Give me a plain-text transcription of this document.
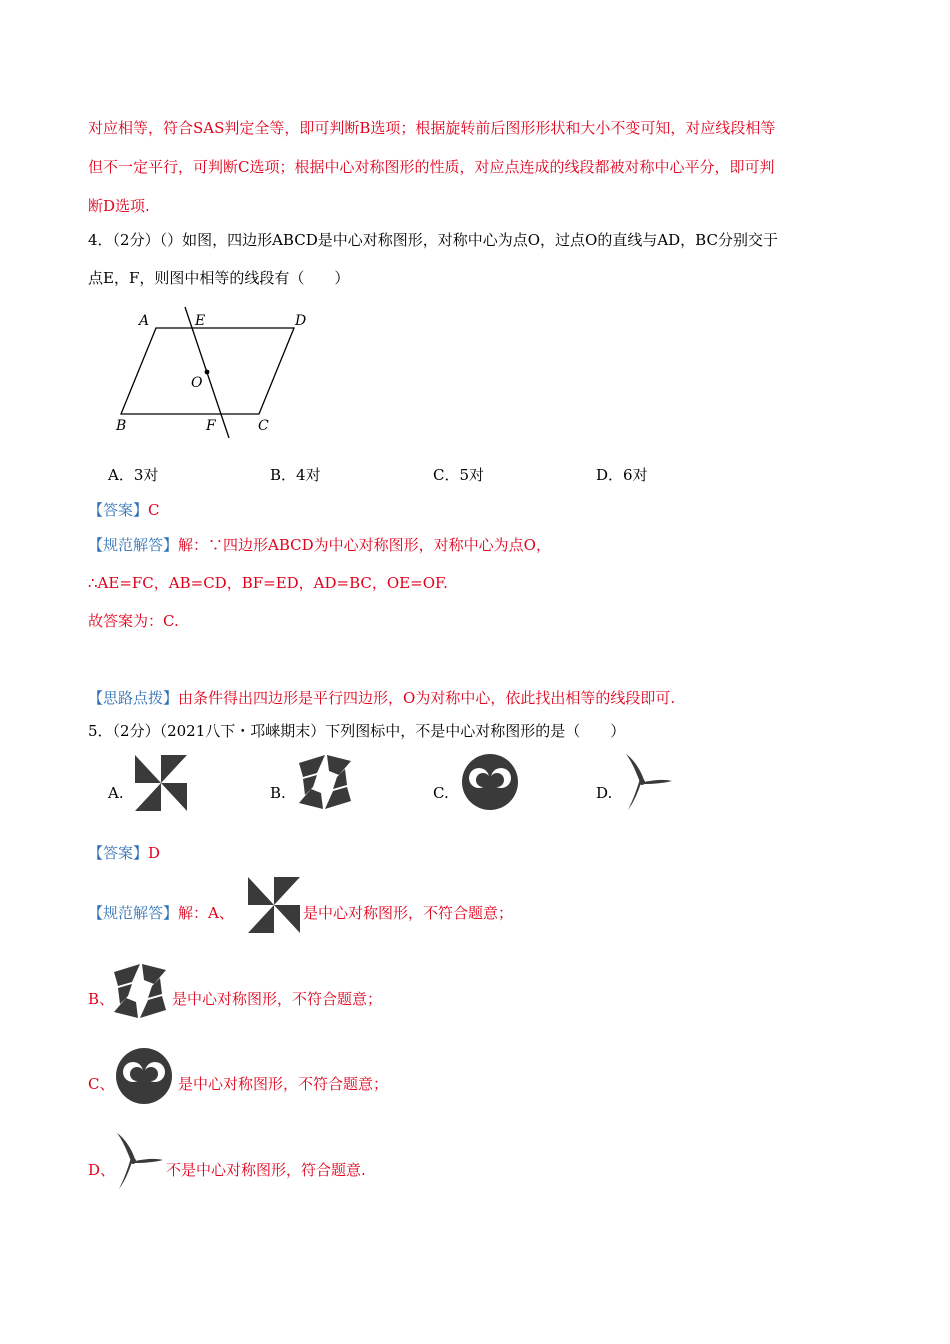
对应相等，符合SAS判定全等，即可判断B选项；根据旋转前后图形形状和大小不变可知，对应线段相等
但不一定平行，可判断C选项；根据中心对称图形的性质，对应点连成的线段都被对称中心平分，即可判
断D选项.
4．（2分）（）如图，四边形ABCD是中心对称图形，对称中心为点O，过点O的直线与AD，BC分别交于
点E，F，则图中相等的线段有（　　）
A	E	D
O
B	F	C
A．3对	B．4对	C．5对	D．6对
【答案】C
【规范解答】解：∵四边形ABCD为中心对称图形，对称中心为点O，
∴AE=FC，AB=CD，BF=ED，AD=BC，OE=OF.
故答案为：C.
【思路点拨】由条件得出四边形是平行四边形，O为对称中心，依此找出相等的线段即可.
5．（2分）（2021八下・邛崃期末）下列图标中，不是中心对称图形的是（　　）
A.	B.	C.	D.
【答案】D
【规范解答】解：A、	是中心对称图形，不符合题意；
B、	是中心对称图形，不符合题意；
C、	是中心对称图形，不符合题意；
D、	不是中心对称图形，符合题意.
